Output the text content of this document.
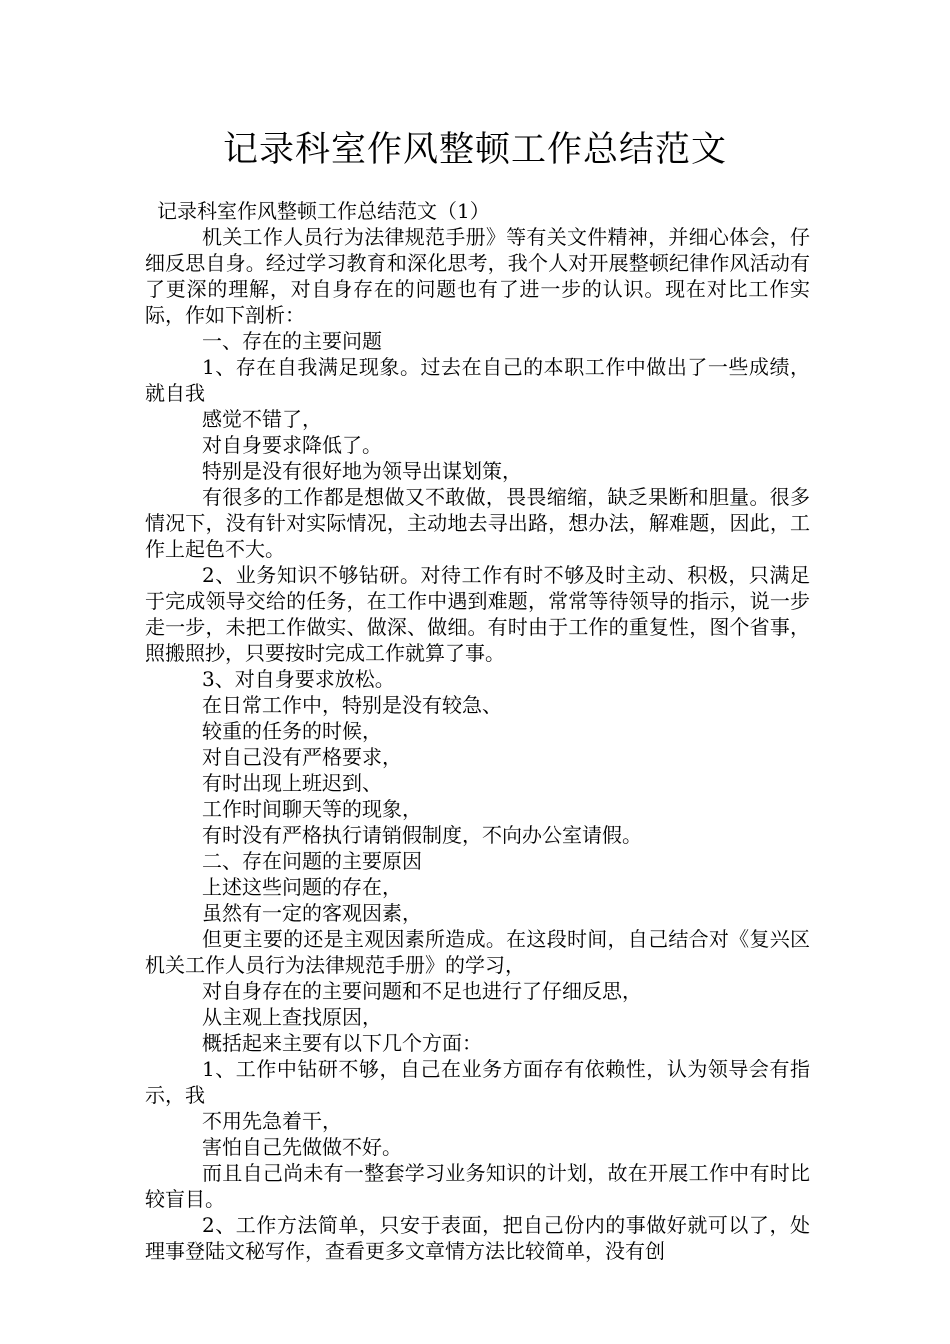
记录科室作风整顿工作总结范文

记录科室作风整顿工作总结范文（1）

机关工作人员行为法律规范手册》等有关文件精神，并细心体会，仔细反思自身。经过学习教育和深化思考，我个人对开展整顿纪律作风活动有了更深的理解，对自身存在的问题也有了进一步的认识。现在对比工作实际，作如下剖析：

一、存在的主要问题

1、存在自我满足现象。过去在自己的本职工作中做出了一些成绩，就自我

感觉不错了，

对自身要求降低了。

特别是没有很好地为领导出谋划策，

有很多的工作都是想做又不敢做，畏畏缩缩，缺乏果断和胆量。很多情况下，没有针对实际情况，主动地去寻出路，想办法，解难题，因此，工作上起色不大。

2、业务知识不够钻研。对待工作有时不够及时主动、积极，只满足于完成领导交给的任务，在工作中遇到难题，常常等待领导的指示，说一步走一步，未把工作做实、做深、做细。有时由于工作的重复性，图个省事，照搬照抄，只要按时完成工作就算了事。

3、对自身要求放松。

在日常工作中，特别是没有较急、

较重的任务的时候，

对自己没有严格要求，

有时出现上班迟到、

工作时间聊天等的现象，

有时没有严格执行请销假制度，不向办公室请假。

二、存在问题的主要原因

上述这些问题的存在，

虽然有一定的客观因素，

但更主要的还是主观因素所造成。在这段时间，自己结合对《复兴区机关工作人员行为法律规范手册》的学习，

对自身存在的主要问题和不足也进行了仔细反思，

从主观上查找原因，

概括起来主要有以下几个方面：

1、工作中钻研不够，自己在业务方面存有依赖性，认为领导会有指示，我

不用先急着干，

害怕自己先做做不好。

而且自己尚未有一整套学习业务知识的计划，故在开展工作中有时比较盲目。

2、工作方法简单，只安于表面，把自己份内的事做好就可以了，处理事登陆文秘写作，查看更多文章情方法比较简单，没有创
